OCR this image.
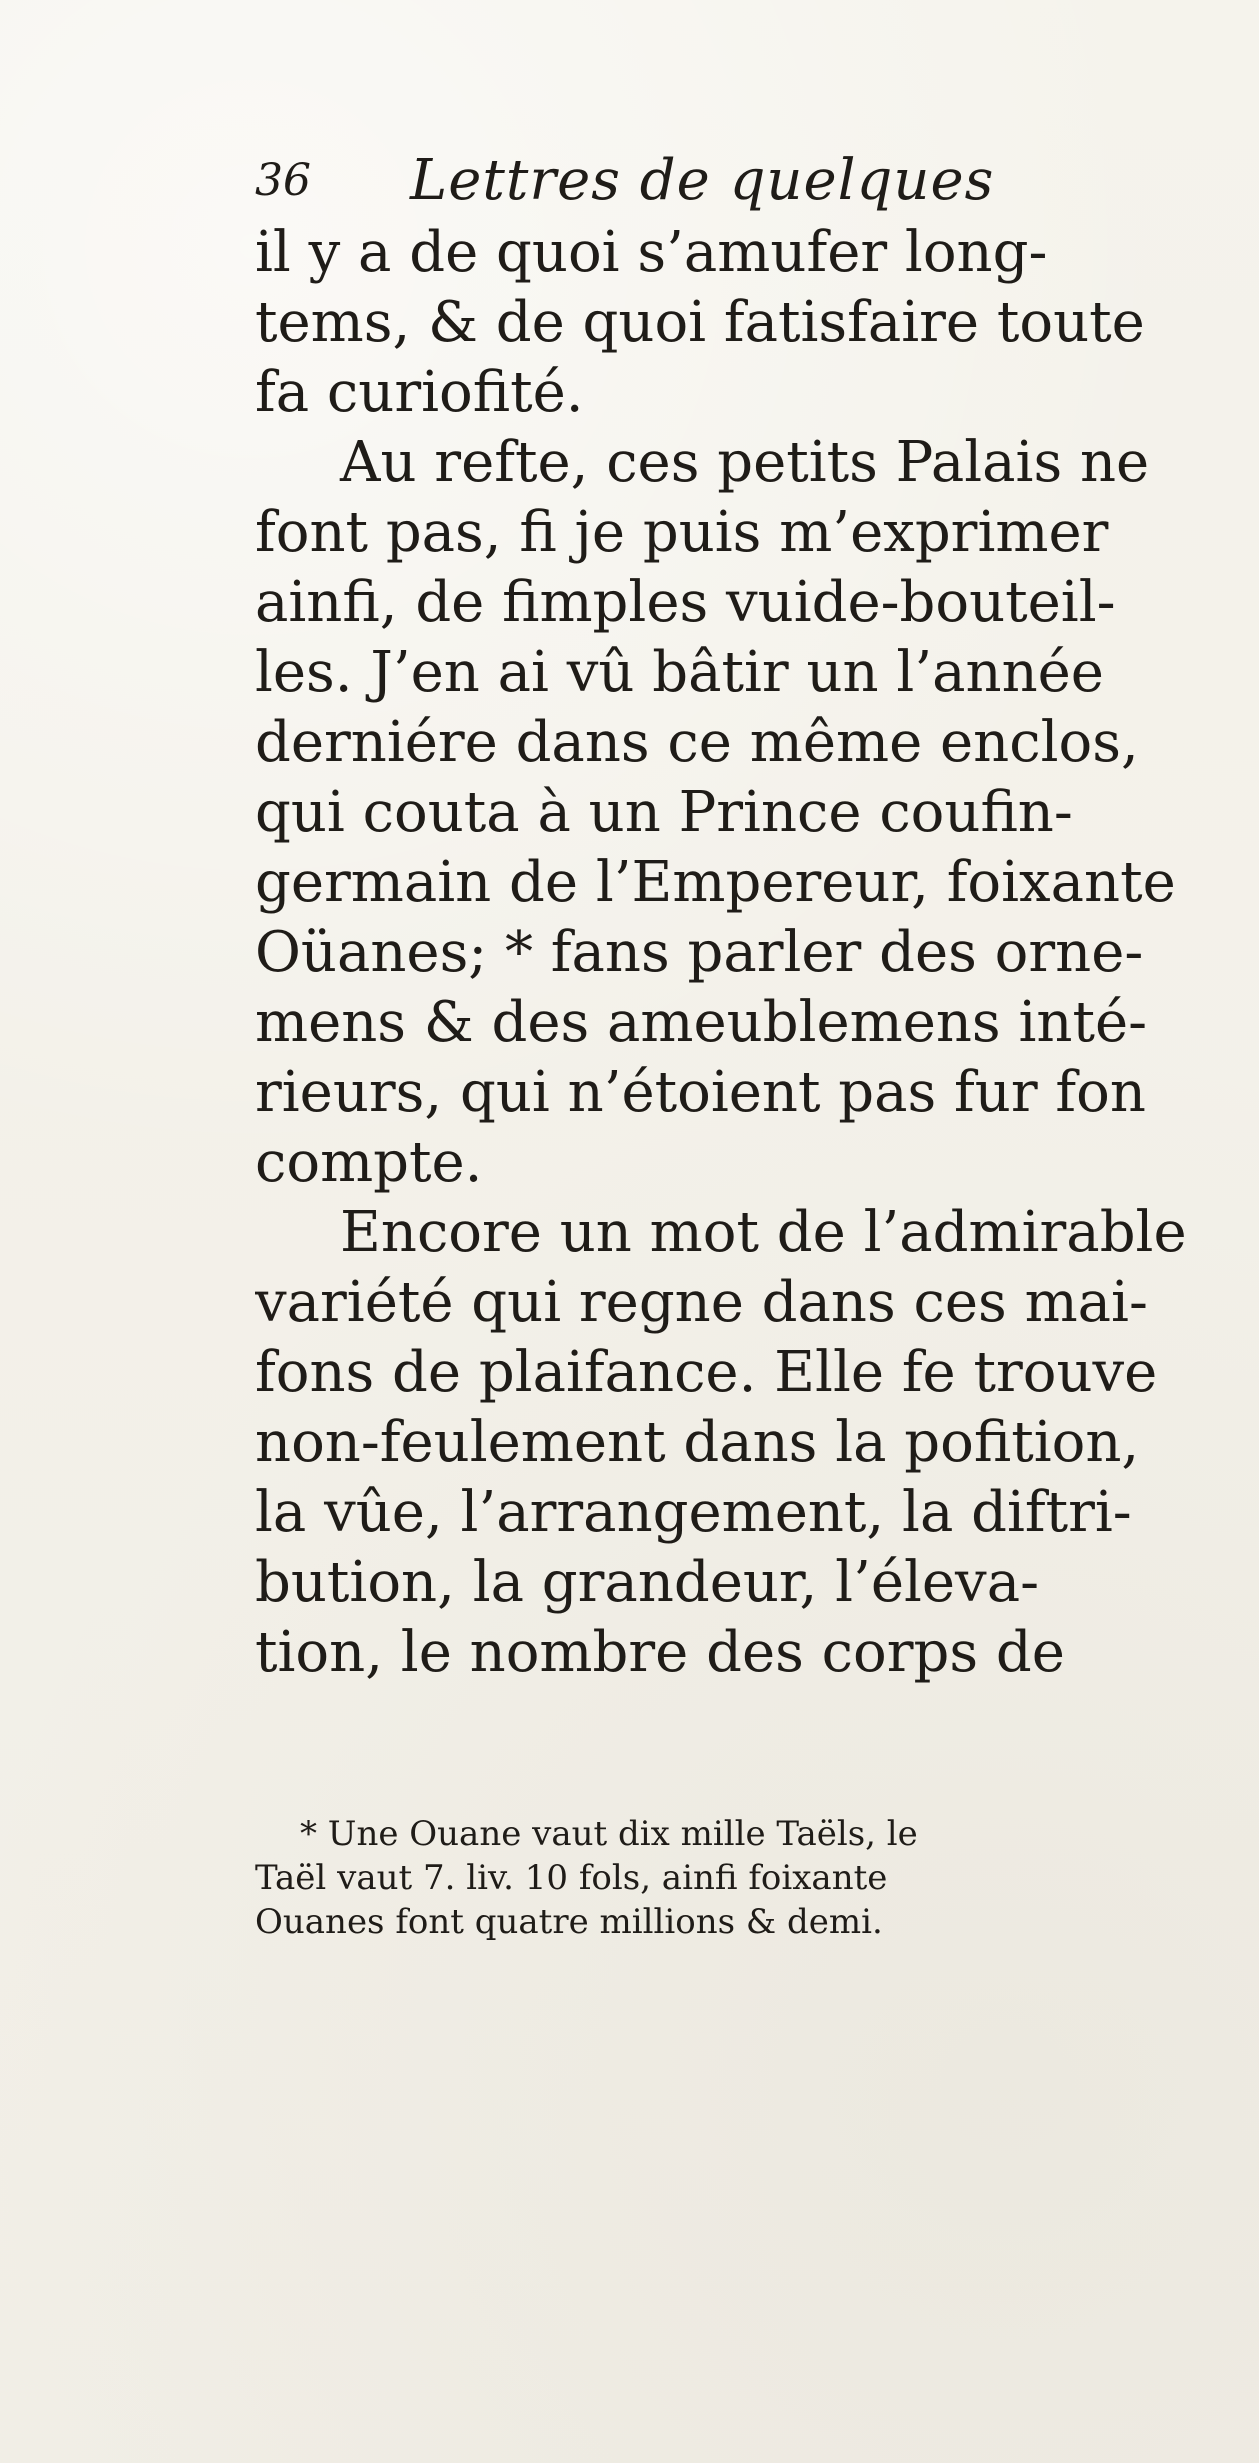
36 Lettres de quelques
il y a de quoi s’amufer long-
tems, & de quoi fatisfaire toute
fa curiofité.
Au refte, ces petits Palais ne
font pas, fi je puis m’exprimer
ainfi, de fimples vuide-bouteil-
les. J’en ai vû bâtir un l’année
derniére dans ce même enclos,
qui couta à un Prince coufin-
germain de l’Empereur, foixante
Oüanes; * fans parler des orne-
mens & des ameublemens inté-
rieurs, qui n’étoient pas fur fon
compte.
Encore un mot de l’admirable
variété qui regne dans ces mai-
fons de plaifance. Elle fe trouve
non-feulement dans la pofition,
la vûe, l’arrangement, la diftri-
bution, la grandeur, l’éleva-
tion, le nombre des corps de
* Une Ouane vaut dix mille Taëls, le
Taël vaut 7. liv. 10 fols, ainfi foixante
Ouanes font quatre millions & demi.
